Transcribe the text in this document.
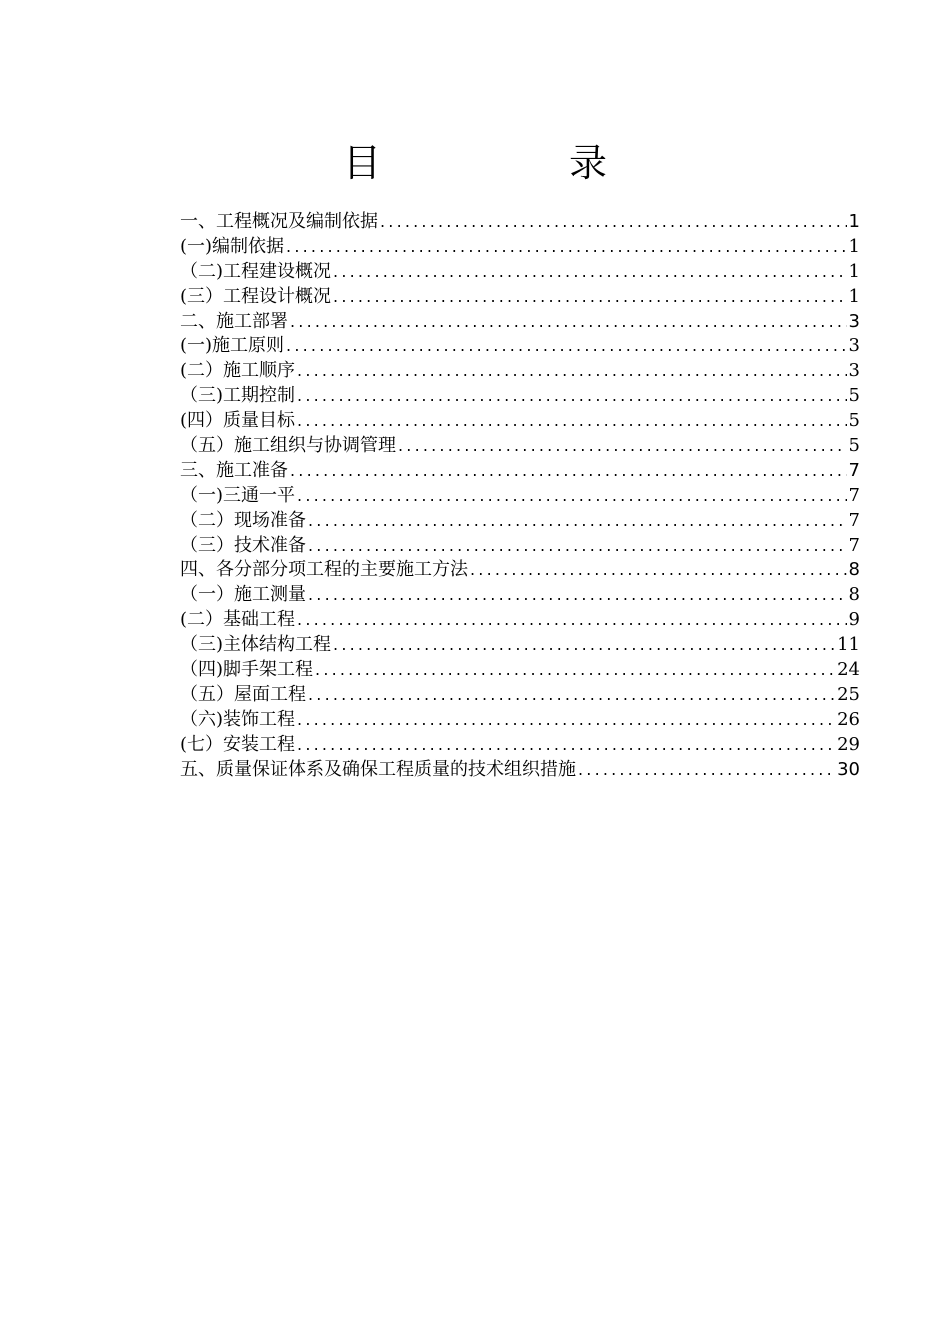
目 录
一、工程概况及编制依据 .....	1
(一)编制依据 .....	1
（二)工程建设概况 .....	1
(三）工程设计概况 .....	1
二、施工部署 .....	3
(一)施工原则 .....	3
(二）施工顺序 .....	3
（三)工期控制 .....	5
(四）质量目标 .....	5
（五）施工组织与协调管理 .....	5
三、施工准备 .....	7
（一)三通一平 .....	7
（二）现场准备 .....	7
（三）技术准备 .....	7
四、各分部分项工程的主要施工方法 .....	8
（一）施工测量 .....	8
(二）基础工程 .....	9
（三)主体结构工程 .....	11
（四)脚手架工程 .....	24
（五）屋面工程 .....	25
（六)装饰工程 .....	26
(七）安装工程 .....	29
五、质量保证体系及确保工程质量的技术组织措施 .....	30
